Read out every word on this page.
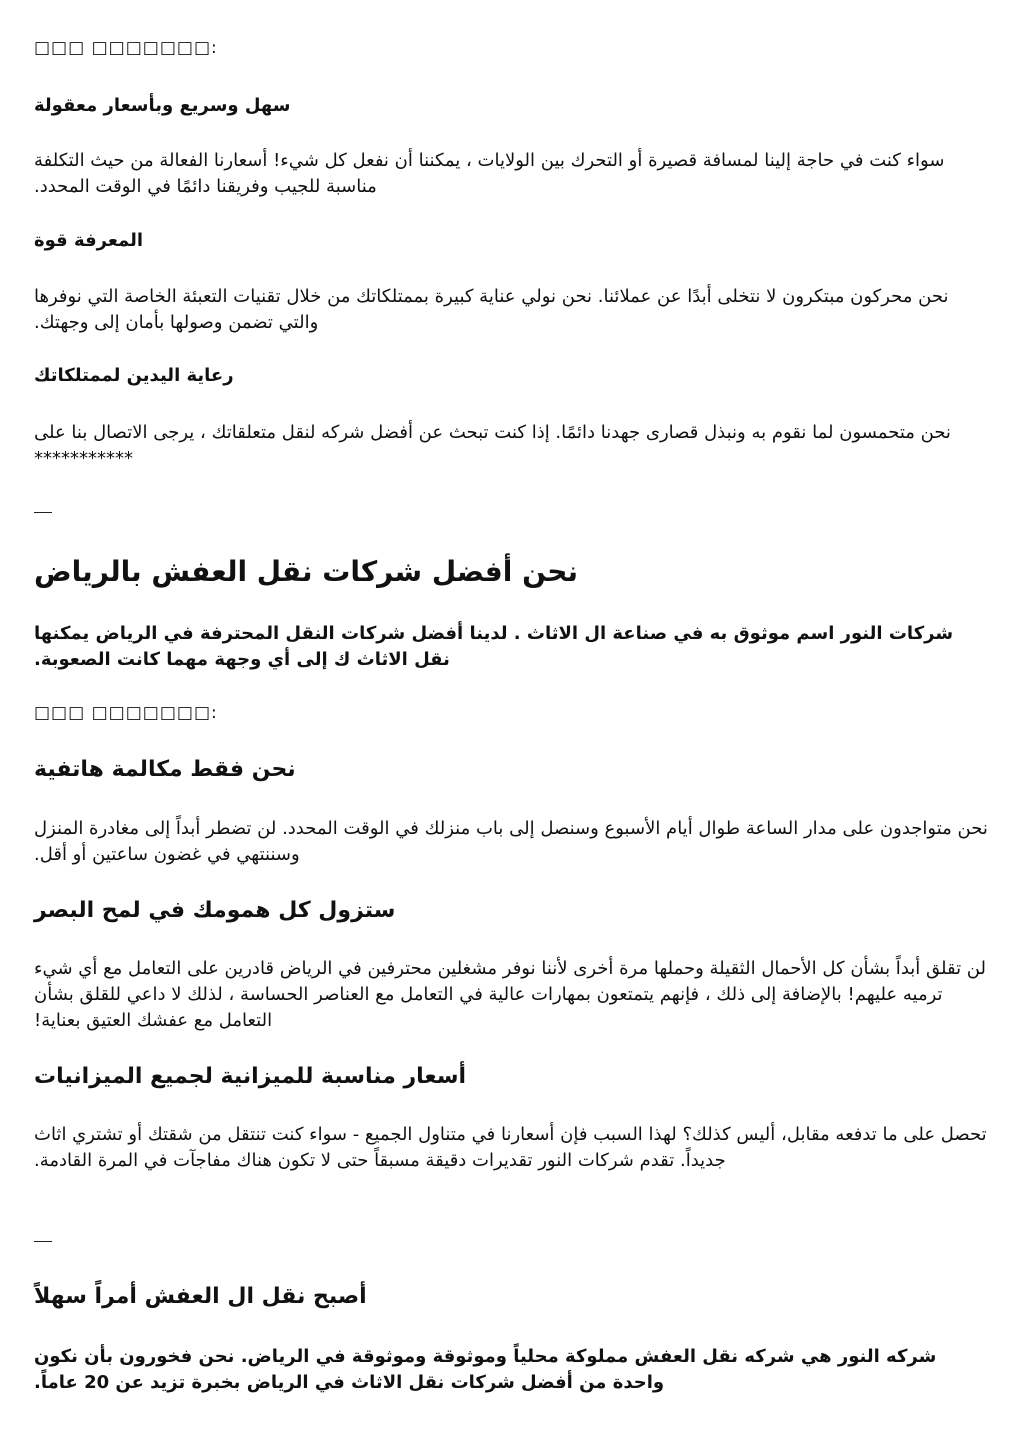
□□□ □□□□□□□:
سهل وسريع وبأسعار معقولة
سواء كنت في حاجة إلينا لمسافة قصيرة أو التحرك بين الولايات ، يمكننا أن نفعل كل شيء! أسعارنا الفعالة من حيث التكلفة مناسبة للجيب وفريقنا دائمًا في الوقت المحدد.
المعرفة قوة
نحن محركون مبتكرون لا نتخلى أبدًا عن عملائنا. نحن نولي عناية كبيرة بممتلكاتك من خلال تقنيات التعبئة الخاصة التي نوفرها والتي تضمن وصولها بأمان إلى وجهتك.
رعاية اليدين لممتلكاتك
نحن متحمسون لما نقوم به ونبذل قصارى جهدنا دائمًا. إذا كنت تبحث عن أفضل شركه لنقل متعلقاتك ، يرجى الاتصال بنا على ***********
نحن أفضل شركات نقل العفش بالرياض
شركات النور اسم موثوق به في صناعة ال الاثاث . لدينا أفضل شركات النقل المحترفة في الرياض يمكنها نقل الاثاث ك إلى أي وجهة مهما كانت الصعوبة.
□□□ □□□□□□□:
نحن فقط مكالمة هاتفية
نحن متواجدون على مدار الساعة طوال أيام الأسبوع وسنصل إلى باب منزلك في الوقت المحدد. لن تضطر أبداً إلى مغادرة المنزل وسننتهي في غضون ساعتين أو أقل.
ستزول كل همومك في لمح البصر
لن تقلق أبداً بشأن كل الأحمال الثقيلة وحملها مرة أخرى لأننا نوفر مشغلين محترفين في الرياض قادرين على التعامل مع أي شيء ترميه عليهم! بالإضافة إلى ذلك ، فإنهم يتمتعون بمهارات عالية في التعامل مع العناصر الحساسة ، لذلك لا داعي للقلق بشأن التعامل مع عفشك العتيق بعناية!
أسعار مناسبة للميزانية لجميع الميزانيات
تحصل على ما تدفعه مقابل، أليس كذلك؟ لهذا السبب فإن أسعارنا في متناول الجميع - سواء كنت تنتقل من شقتك أو تشتري اثاث جديداً. تقدم شركات النور تقديرات دقيقة مسبقاً حتى لا تكون هناك مفاجآت في المرة القادمة.
أصبح نقل ال العفش أمراً سهلاً
شركه النور هي شركه نقل العفش مملوكة محلياً وموثوقة وموثوقة في الرياض. نحن فخورون بأن نكون واحدة من أفضل شركات نقل الاثاث في الرياض بخبرة تزيد عن 20 عاماً.
